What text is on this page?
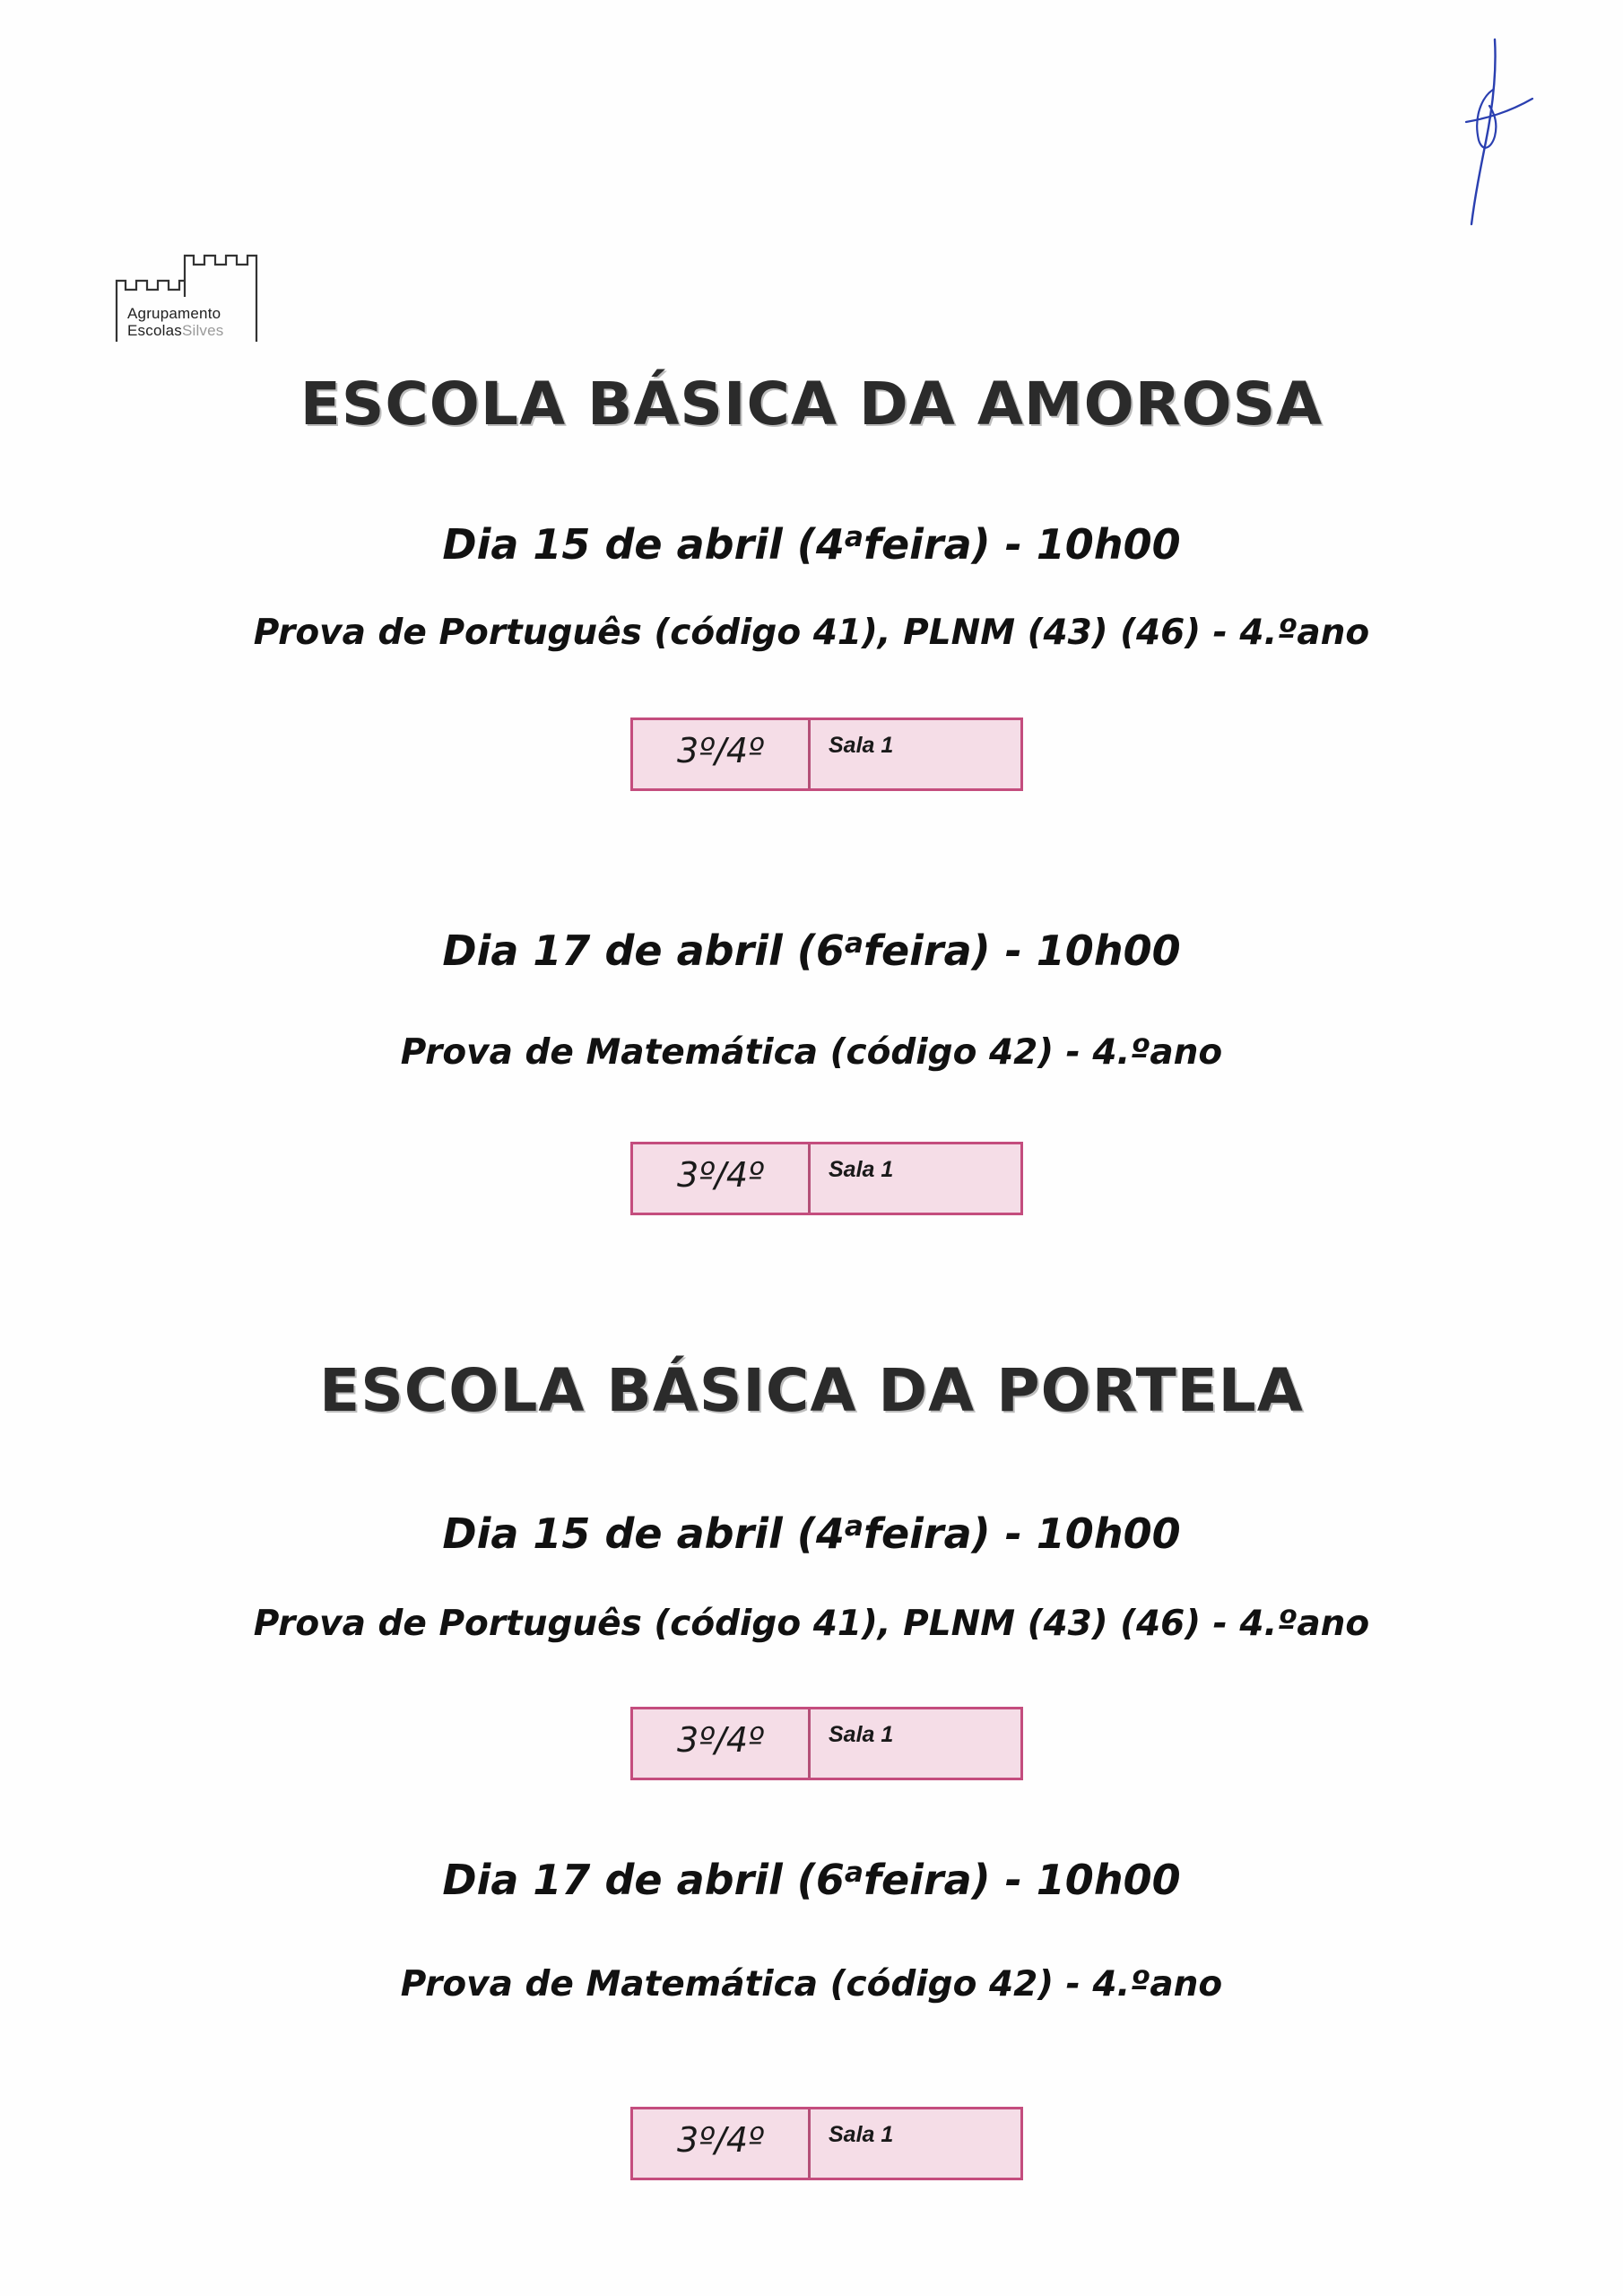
Agrupamento
EscolasSilves
ESCOLA BÁSICA DA AMOROSA
Dia 15 de abril (4$^a$feira) - 10h00
Prova de Português (código 41), PLNM (43) (46) - 4.ºano
3º/4º	Sala 1
Dia 17 de abril (6$^a$feira) - 10h00
Prova de Matemática (código 42) - 4.ºano
3º/4º	Sala 1
ESCOLA BÁSICA DA PORTELA
Dia 15 de abril (4$^a$feira) - 10h00
Prova de Português (código 41), PLNM (43) (46) - 4.ºano
3º/4º	Sala 1
Dia 17 de abril (6$^a$feira) - 10h00
Prova de Matemática (código 42) - 4.ºano
3º/4º	Sala 1
